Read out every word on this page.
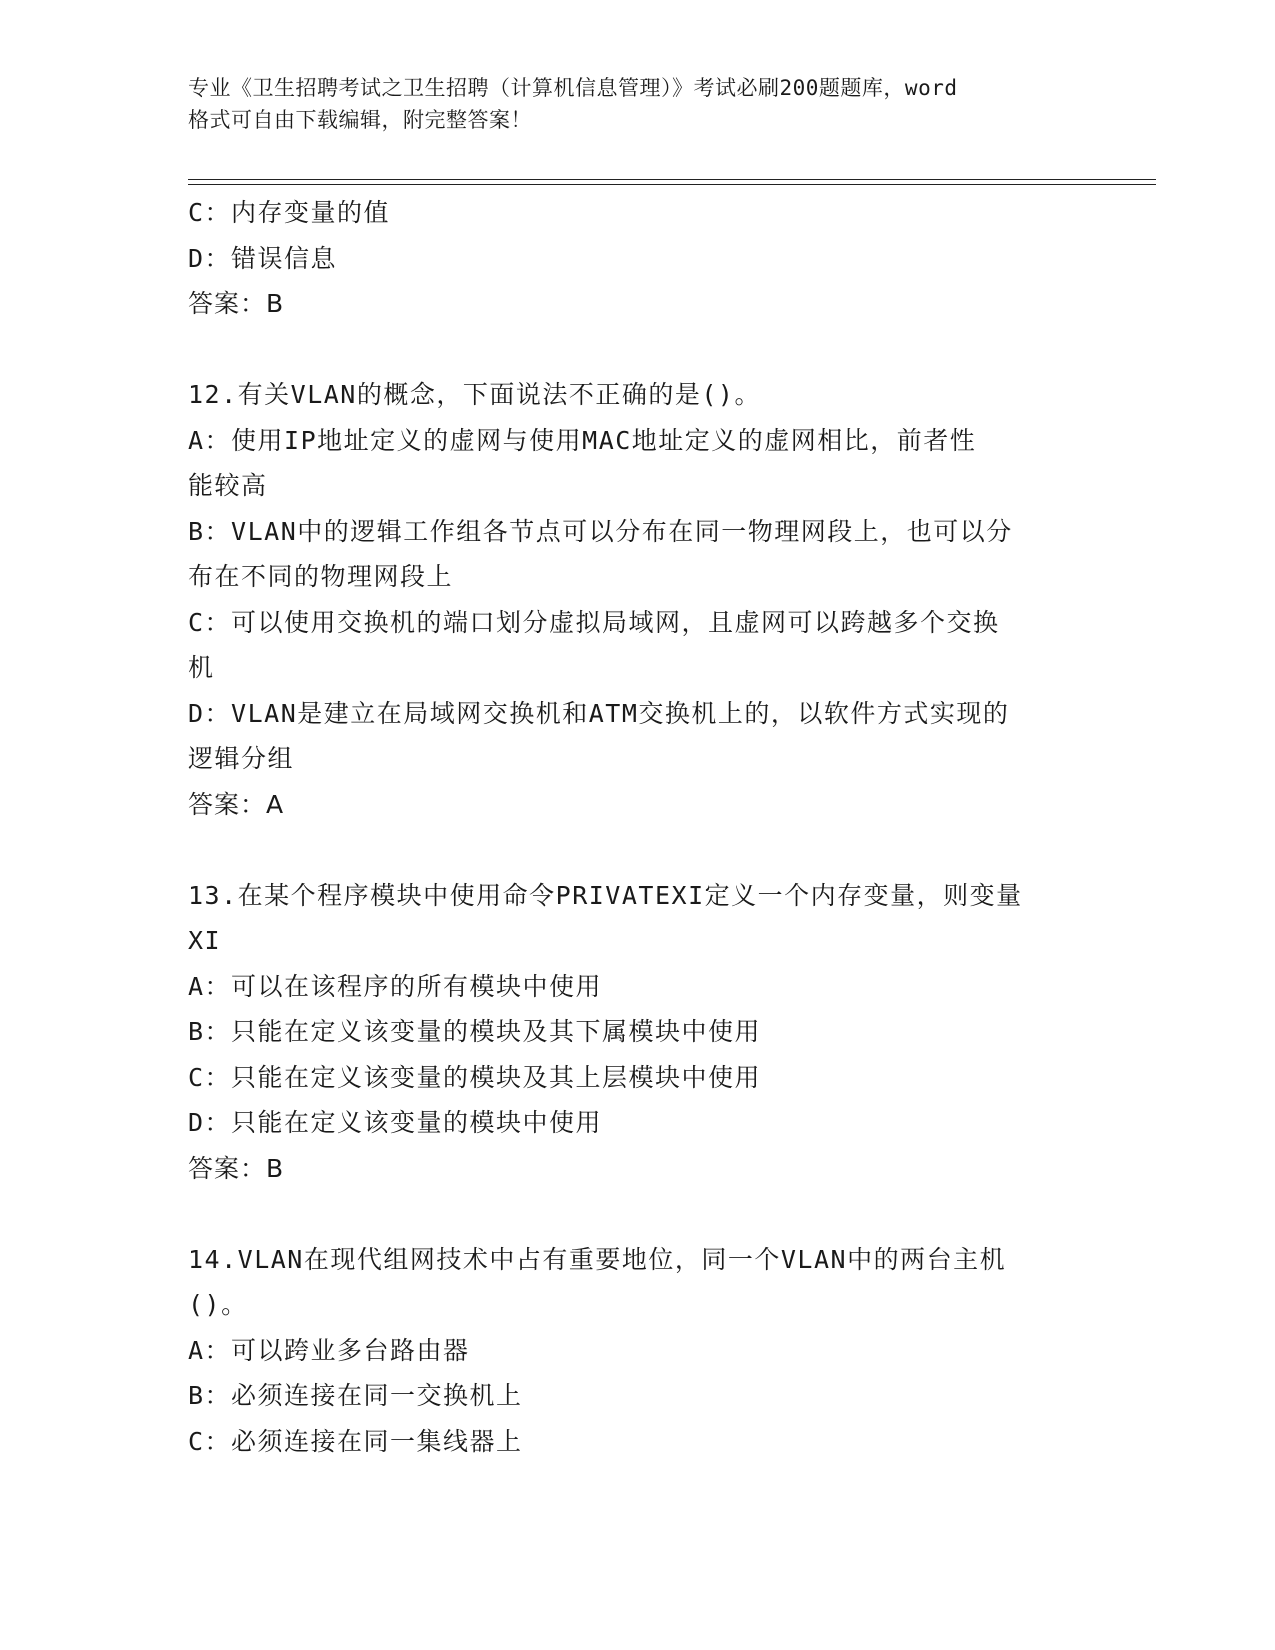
专业《卫生招聘考试之卫生招聘（计算机信息管理）》考试必刷200题题库，word
格式可自由下载编辑，附完整答案！
C：内存变量的值
D：错误信息
答案：B
12.有关VLAN的概念，下面说法不正确的是()。
A：使用IP地址定义的虚网与使用MAC地址定义的虚网相比，前者性
能较高
B：VLAN中的逻辑工作组各节点可以分布在同一物理网段上，也可以分
布在不同的物理网段上
C：可以使用交换机的端口划分虚拟局域网，且虚网可以跨越多个交换
机
D：VLAN是建立在局域网交换机和ATM交换机上的，以软件方式实现的
逻辑分组
答案：A
13.在某个程序模块中使用命令PRIVATEXI定义一个内存变量，则变量
XI
A：可以在该程序的所有模块中使用
B：只能在定义该变量的模块及其下属模块中使用
C：只能在定义该变量的模块及其上层模块中使用
D：只能在定义该变量的模块中使用
答案：B
14.VLAN在现代组网技术中占有重要地位，同一个VLAN中的两台主机
()。
A：可以跨业多台路由器
B：必须连接在同一交换机上
C：必须连接在同一集线器上
